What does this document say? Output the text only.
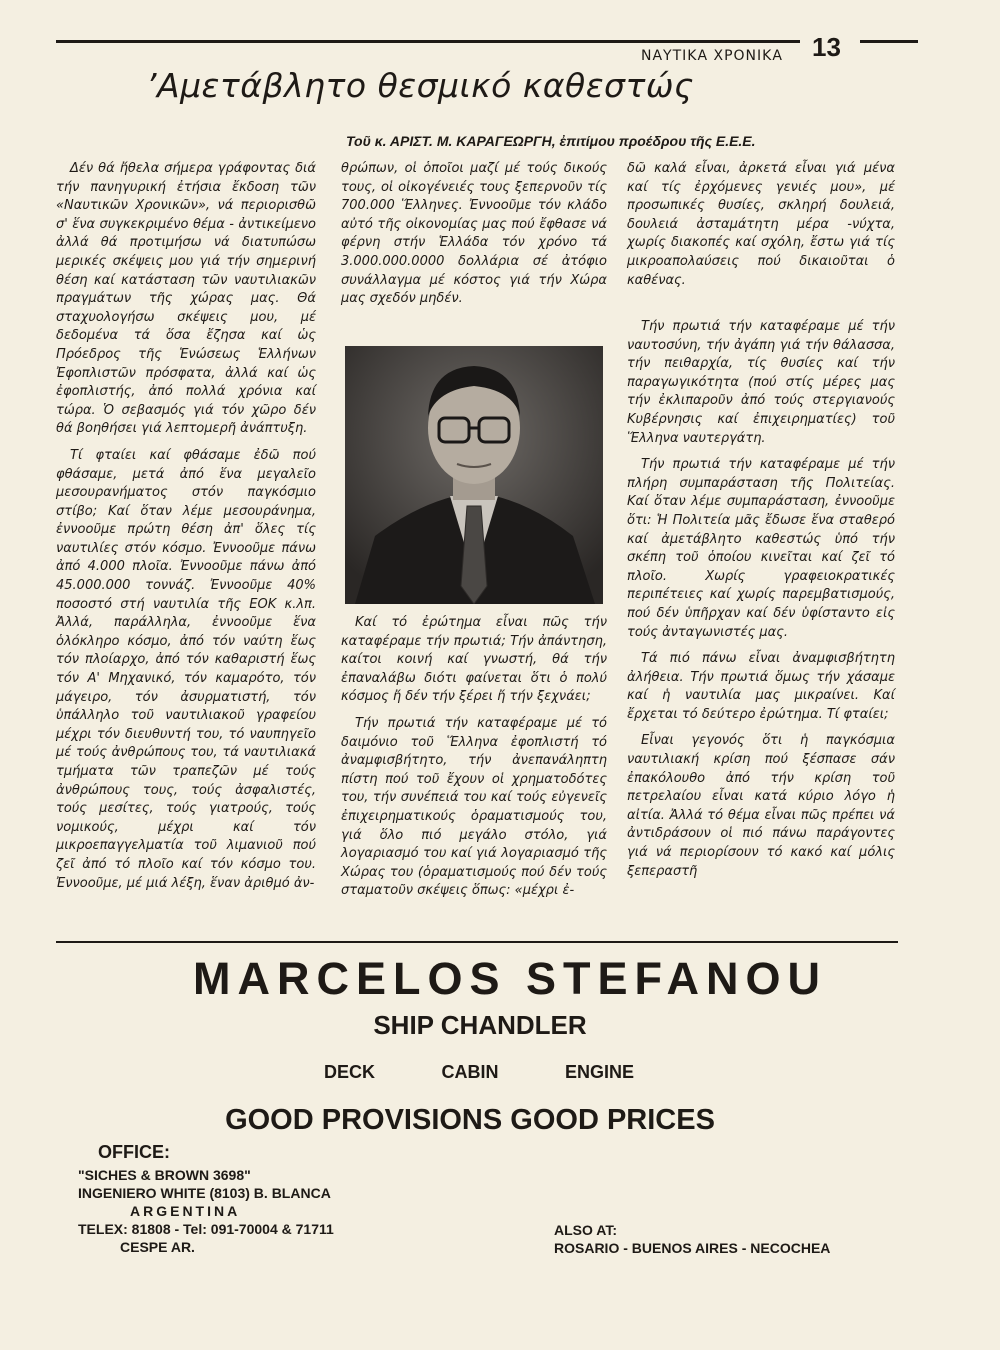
ΝΑΥΤΙΚΑ ΧΡΟΝΙΚΑ 13
’Αμετάβλητο θεσμικό καθεστώς
Τοῦ κ. ΑΡΙΣΤ. Μ. ΚΑΡΑΓΕΩΡΓΗ, ἐπιτίμου προέδρου τῆς Ε.Ε.Ε.

Δέν θά ἤθελα σήμερα γράφοντας διά τήν πανηγυρική ἐτήσια ἔκδοση τῶν «Ναυτικῶν Χρονικῶν», νά περιορισθῶ σ' ἕνα συγκεκριμένο θέμα - ἀντικείμενο ἀλλά θά προτιμήσω νά διατυπώσω μερικές σκέψεις μου γιά τήν σημερινή θέση καί κατάσταση τῶν ναυτιλιακῶν πραγμάτων τῆς χώρας μας. Θά σταχυολογήσω σκέψεις μου, μέ δεδομένα τά ὅσα ἔζησα καί ὡς Πρόεδρος τῆς Ἑνώσεως Ἑλλήνων Ἐφοπλιστῶν πρόσφατα, ἀλλά καί ὡς ἐφοπλιστής, ἀπό πολλά χρόνια καί τώρα. Ὁ σεβασμός γιά τόν χῶρο δέν θά βοηθήσει γιά λεπτομερῆ ἀνάπτυξη.

Τί φταίει καί φθάσαμε ἐδῶ πού φθάσαμε, μετά ἀπό ἕνα μεγαλεῖο μεσουρανήματος στόν παγκόσμιο στίβο; Καί ὅταν λέμε μεσουράνημα, ἐννοοῦμε πρώτη θέση ἀπ' ὅλες τίς ναυτιλίες στόν κόσμο. Ἐννοοῦμε πάνω ἀπό 4.000 πλοῖα. Ἐννοοῦμε πάνω ἀπό 45.000.000 τοννάζ. Ἐννοοῦμε 40% ποσοστό στή ναυτιλία τῆς ΕΟΚ κ.λπ. Ἀλλά, παράλληλα, ἐννοοῦμε ἕνα ὁλόκληρο κόσμο, ἀπό τόν ναύτη ἕως τόν πλοίαρχο, ἀπό τόν καθαριστή ἕως τόν Α' Μηχανικό, τόν καμαρότο, τόν μάγειρο, τόν ἀσυρματιστή, τόν ὑπάλληλο τοῦ ναυτιλιακοῦ γραφείου μέχρι τόν διευθυντή του, τό ναυπηγεῖο μέ τούς ἀνθρώπους του, τά ναυτιλιακά τμήματα τῶν τραπεζῶν μέ τούς ἀνθρώπους τους, τούς ἀσφαλιστές, τούς μεσίτες, τούς γιατρούς, τούς νομικούς, μέχρι καί τόν μικροεπαγγελματία τοῦ λιμανιοῦ πού ζεῖ ἀπό τό πλοῖο καί τόν κόσμο του. Ἐννοοῦμε, μέ μιά λέξη, ἕναν ἀριθμό ἀν-

θρώπων, οἱ ὁποῖοι μαζί μέ τούς δικούς τους, οἱ οἰκογένειές τους ξεπερνοῦν τίς 700.000 Ἕλληνες. Ἐννοοῦμε τόν κλάδο αὐτό τῆς οἰκονομίας μας πού ἔφθασε νά φέρνη στήν Ἑλλάδα τόν χρόνο τά 3.000.000.0000 δολλάρια σέ ἀτόφιο συνάλλαγμα μέ κόστος γιά τήν Χώρα μας σχεδόν μηδέν.

Καί τό ἐρώτημα εἶναι πῶς τήν καταφέραμε τήν πρωτιά; Τήν ἀπάντηση, καίτοι κοινή καί γνωστή, θά τήν ἐπαναλάβω διότι φαίνεται ὅτι ὁ πολύ κόσμος ἤ δέν τήν ξέρει ἤ τήν ξεχνάει;

Τήν πρωτιά τήν καταφέραμε μέ τό δαιμόνιο τοῦ Ἕλληνα ἐφοπλιστή τό ἀναμφισβήτητο, τήν ἀνεπανάληπτη πίστη πού τοῦ ἔχουν οἱ χρηματοδότες του, τήν συνέπειά του καί τούς εὐγενεῖς ἐπιχειρηματικούς ὁραματισμούς του, γιά ὅλο πιό μεγάλο στόλο, γιά λογαριασμό του καί γιά λογαριασμό τῆς Χώρας του (ὁραματισμούς πού δέν τούς σταματοῦν σκέψεις ὅπως: «μέχρι ἐ-

δῶ καλά εἶναι, ἀρκετά εἶναι γιά μένα καί τίς ἐρχόμενες γενιές μου», μέ προσωπικές θυσίες, σκληρή δουλειά, δουλειά ἀσταμάτητη μέρα -νύχτα, χωρίς διακοπές καί σχόλη, ἔστω γιά τίς μικροαπολαύσεις πού δικαιοῦται ὁ καθένας.

Τήν πρωτιά τήν καταφέραμε μέ τήν ναυτοσύνη, τήν ἀγάπη γιά τήν θάλασσα, τήν πειθαρχία, τίς θυσίες καί τήν παραγωγικότητα (πού στίς μέρες μας τήν ἐκλιπαροῦν ἀπό τούς στεργιανούς Κυβέρνησις καί ἐπιχειρηματίες) τοῦ Ἕλληνα ναυτεργάτη.

Τήν πρωτιά τήν καταφέραμε μέ τήν πλήρη συμπαράσταση τῆς Πολιτείας. Καί ὅταν λέμε συμπαράσταση, ἐννοοῦμε ὅτι: Ἡ Πολιτεία μᾶς ἔδωσε ἕνα σταθερό καί ἀμετάβλητο καθεστώς ὑπό τήν σκέπη τοῦ ὁποίου κινεῖται καί ζεῖ τό πλοῖο. Χωρίς γραφειοκρατικές περιπέτειες καί χωρίς παρεμβατισμούς, πού δέν ὑπῆρχαν καί δέν ὑφίσταντο εἰς τούς ἀνταγωνιστές μας.

Τά πιό πάνω εἶναι ἀναμφισβήτητη ἀλήθεια. Τήν πρωτιά ὅμως τήν χάσαμε καί ἡ ναυτιλία μας μικραίνει. Καί ἔρχεται τό δεύτερο ἐρώτημα. Τί φταίει;

Εἶναι γεγονός ὅτι ἡ παγκόσμια ναυτιλιακή κρίση πού ξέσπασε σάν ἐπακόλουθο ἀπό τήν κρίση τοῦ πετρελαίου εἶναι κατά κύριο λόγο ἡ αἰτία. Ἀλλά τό θέμα εἶναι πῶς πρέπει νά ἀντιδράσουν οἱ πιό πάνω παράγοντες γιά νά περιορίσουν τό κακό καί μόλις ξεπεραστῆ

MARCELOS STEFANOU
SHIP CHANDLER
DECK	CABIN	ENGINE
GOOD PROVISIONS GOOD PRICES
OFFICE:
"SICHES & BROWN 3698"
INGENIERO WHITE (8103) B. BLANCA
ARGENTINA
TELEX: 81808 - Tel: 091-70004 & 71711
CESPE AR.
ALSO AT:
ROSARIO - BUENOS AIRES - NECOCHEA
